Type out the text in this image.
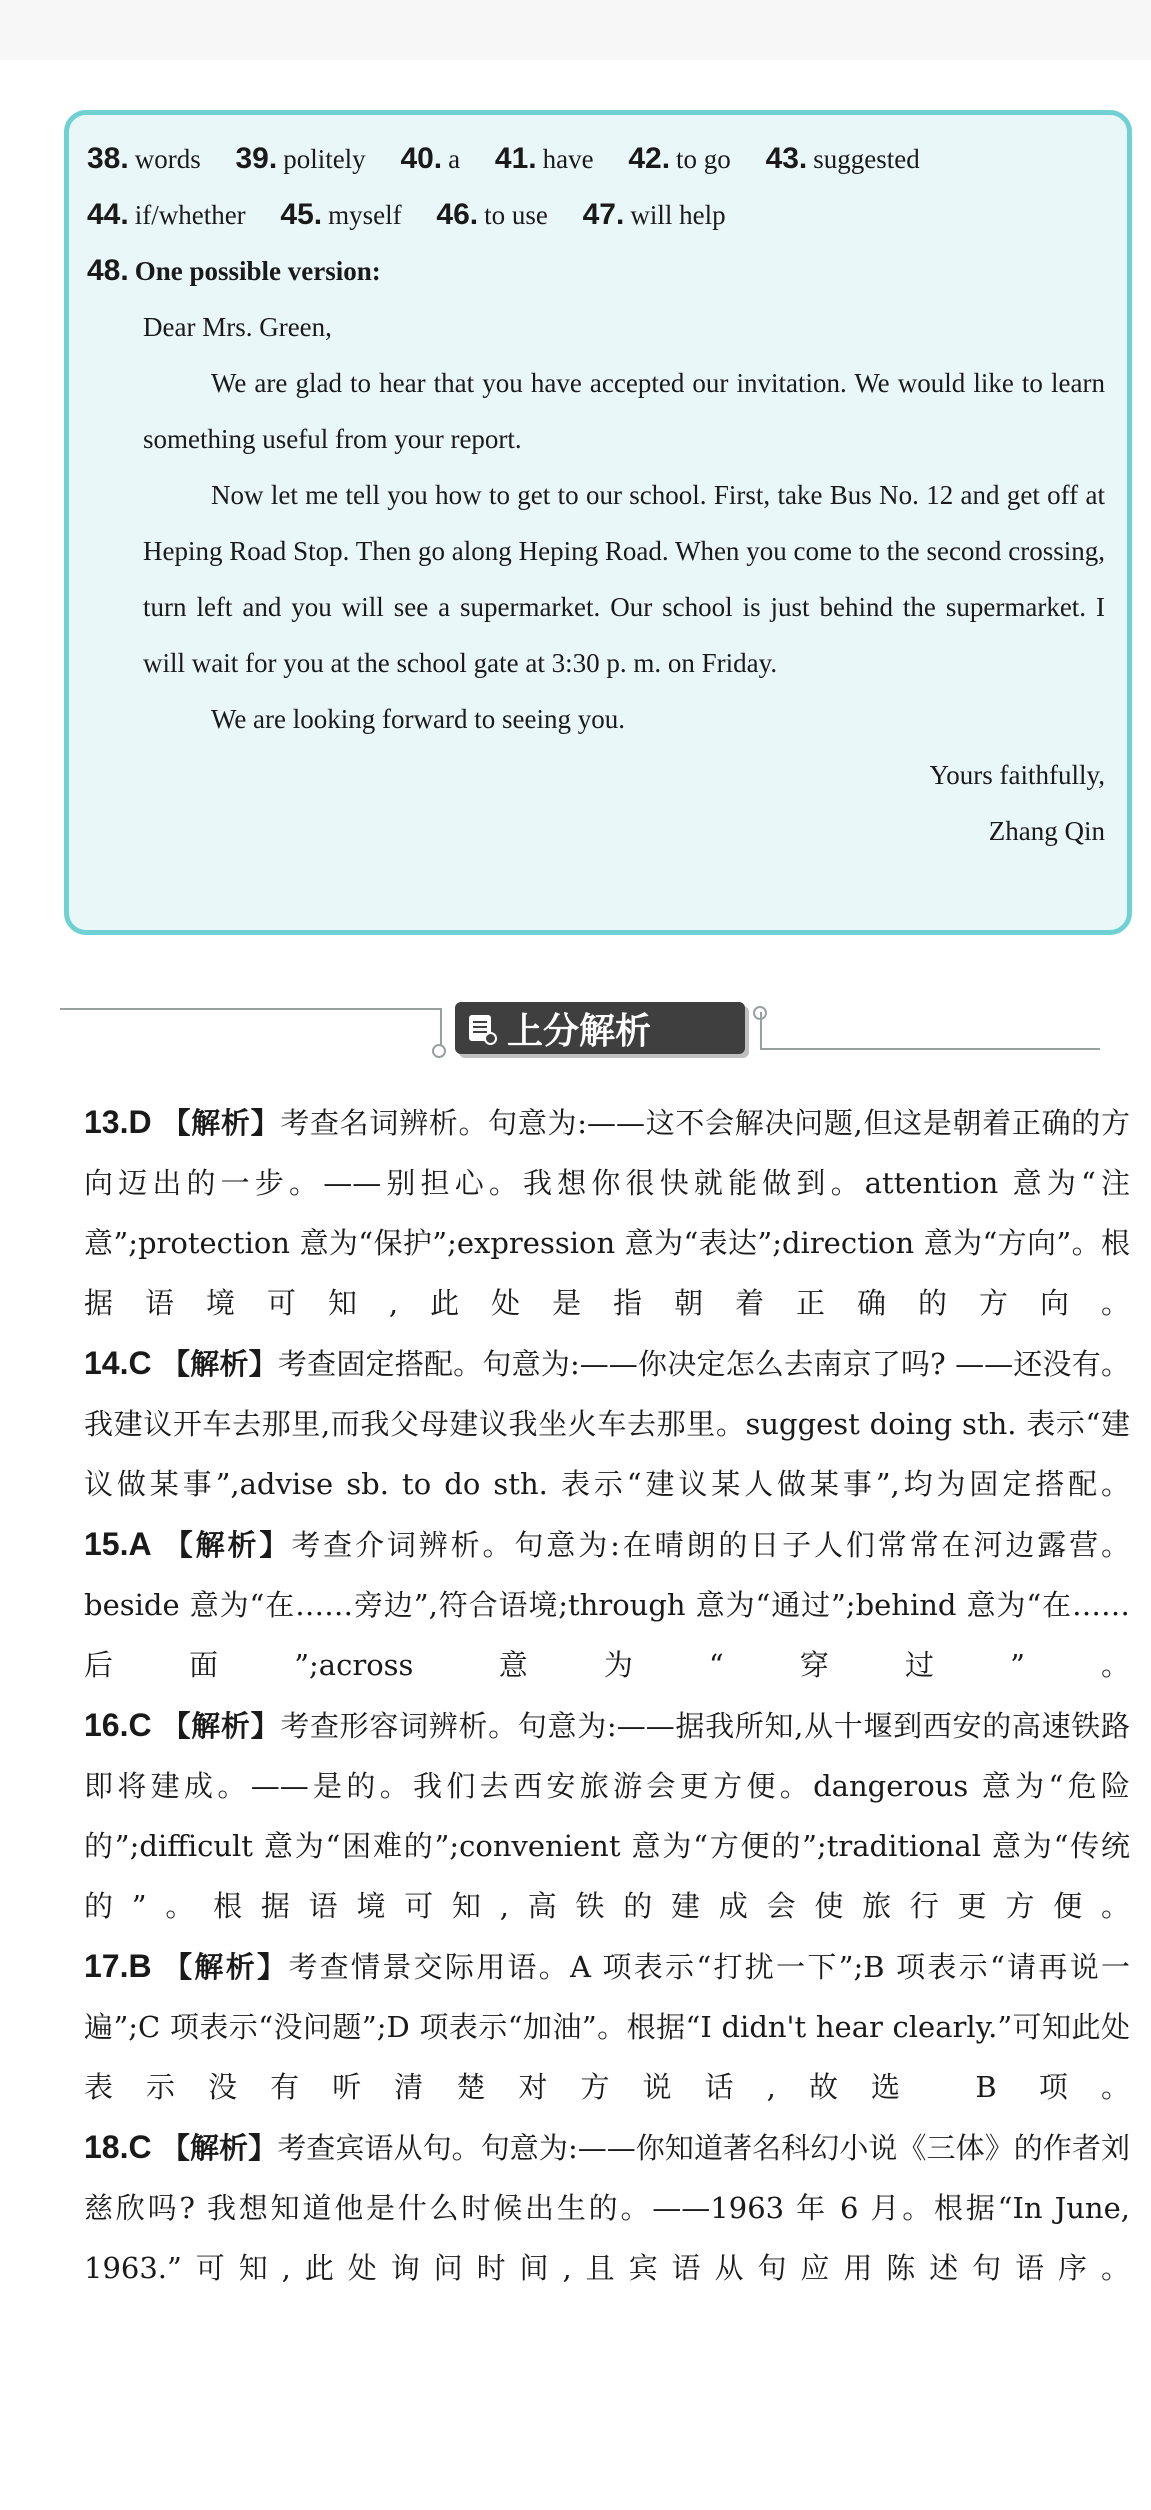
38. words 39. politely 40. a 41. have 42. to go 43. suggested
44. if/whether 45. myself 46. to use 47. will help
48. One possible version:
Dear Mrs. Green,
We are glad to hear that you have accepted our invitation. We would like to learn something useful from your report.
Now let me tell you how to get to our school. First, take Bus No. 12 and get off at Heping Road Stop. Then go along Heping Road. When you come to the second crossing, turn left and you will see a supermarket. Our school is just behind the supermarket. I will wait for you at the school gate at 3:30 p. m. on Friday.
We are looking forward to seeing you.
Yours faithfully,
Zhang Qin
上分解析
13.D 【解析】考查名词辨析。句意为:——这不会解决问题,但这是朝着正确的方向迈出的一步。——别担心。我想你很快就能做到。attention 意为“注意”;protection 意为“保护”;expression 意为“表达”;direction 意为“方向”。根据语境可知,此处是指朝着正确的方向。
14.C 【解析】考查固定搭配。句意为:——你决定怎么去南京了吗? ——还没有。我建议开车去那里,而我父母建议我坐火车去那里。suggest doing sth. 表示“建议做某事”,advise sb. to do sth. 表示“建议某人做某事”,均为固定搭配。
15.A 【解析】考查介词辨析。句意为:在晴朗的日子人们常常在河边露营。beside 意为“在……旁边”,符合语境;through 意为“通过”;behind 意为“在……后面”;across 意为“穿过”。
16.C 【解析】考查形容词辨析。句意为:——据我所知,从十堰到西安的高速铁路即将建成。——是的。我们去西安旅游会更方便。dangerous 意为“危险的”;difficult 意为“困难的”;convenient 意为“方便的”;traditional 意为“传统的”。根据语境可知,高铁的建成会使旅行更方便。
17.B 【解析】考查情景交际用语。A 项表示“打扰一下”;B 项表示“请再说一遍”;C 项表示“没问题”;D 项表示“加油”。根据“I didn't hear clearly.”可知此处表示没有听清楚对方说话,故选 B 项。
18.C 【解析】考查宾语从句。句意为:——你知道著名科幻小说《三体》的作者刘慈欣吗? 我想知道他是什么时候出生的。——1963 年 6 月。根据“In June, 1963.”可知,此处询问时间,且宾语从句应用陈述句语序。
